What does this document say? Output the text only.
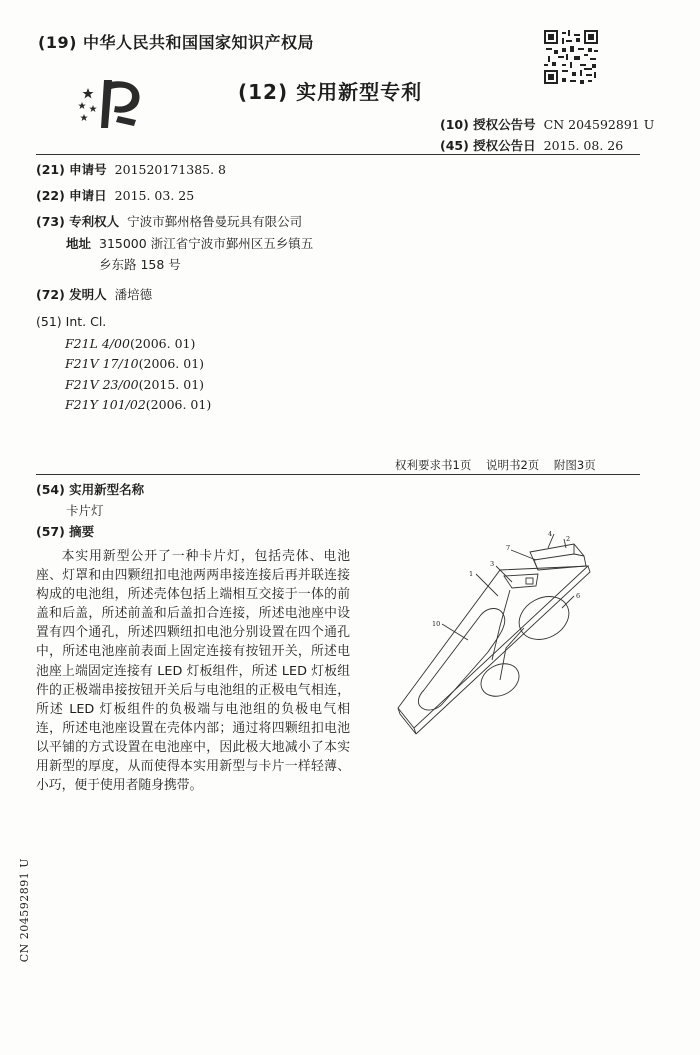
(19) 中华人民共和国国家知识产权局
(12) 实用新型专利
(10) 授权公告号 CN 204592891 U
(45) 授权公告日 2015. 08. 26
(21) 申请号 201520171385. 8
(22) 申请日 2015. 03. 25
(73) 专利权人 宁波市鄞州格鲁曼玩具有限公司
地址 315000 浙江省宁波市鄞州区五乡镇五
乡东路 158 号
(72) 发明人 潘培德
(51) Int. Cl.
F21L 4/00(2006. 01)
F21V 17/10(2006. 01)
F21V 23/00(2015. 01)
F21Y 101/02(2006. 01)
权利要求书1页    说明书2页    附图3页
(54) 实用新型名称
卡片灯
(57) 摘要
本实用新型公开了一种卡片灯，包括壳体、电池座、灯罩和由四颗纽扣电池两两串接连接后再并联连接构成的电池组，所述壳体包括上端相互交接于一体的前盖和后盖，所述前盖和后盖扣合连接，所述电池座中设置有四个通孔，所述四颗纽扣电池分别设置在四个通孔中，所述电池座前表面上固定连接有按钮开关，所述电池座上端固定连接有 LED 灯板组件，所述 LED 灯板组件的正极端串接按钮开关后与电池组的正极电气相连，所述 LED 灯板组件的负极端与电池组的负极电气相连，所述电池座设置在壳体内部；通过将四颗纽扣电池以平铺的方式设置在电池座中，因此极大地减小了本实用新型的厚度，从而使得本实用新型与卡片一样轻薄、小巧，便于使用者随身携带。
7
2
1
3
4
6
10
CN 204592891 U
